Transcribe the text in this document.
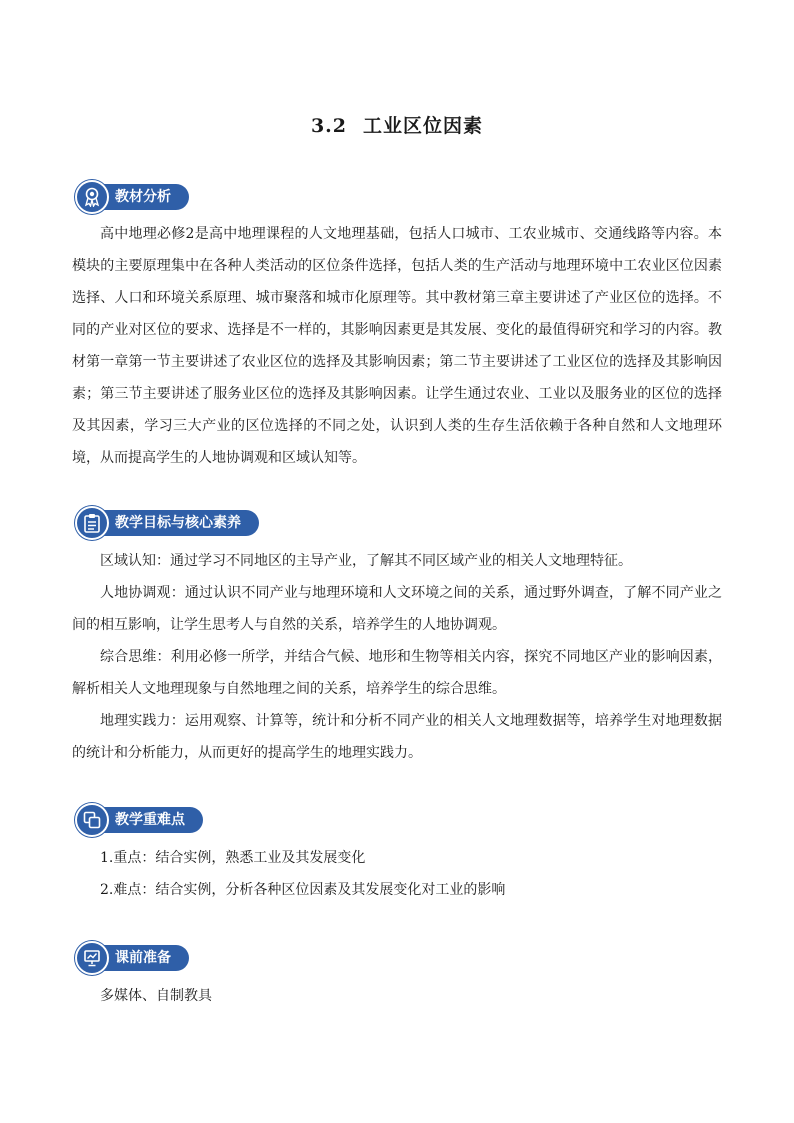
3.2 工业区位因素
教材分析

高中地理必修2是高中地理课程的人文地理基础，包括人口城市、工农业城市、交通线路等内容。本模块的主要原理集中在各种人类活动的区位条件选择，包括人类的生产活动与地理环境中工农业区位因素选择、人口和环境关系原理、城市聚落和城市化原理等。其中教材第三章主要讲述了产业区位的选择。不同的产业对区位的要求、选择是不一样的，其影响因素更是其发展、变化的最值得研究和学习的内容。教材第一章第一节主要讲述了农业区位的选择及其影响因素；第二节主要讲述了工业区位的选择及其影响因素；第三节主要讲述了服务业区位的选择及其影响因素。让学生通过农业、工业以及服务业的区位的选择及其因素，学习三大产业的区位选择的不同之处，认识到人类的生存生活依赖于各种自然和人文地理环境，从而提高学生的人地协调观和区域认知等。

教学目标与核心素养

区域认知：通过学习不同地区的主导产业，了解其不同区域产业的相关人文地理特征。

人地协调观：通过认识不同产业与地理环境和人文环境之间的关系，通过野外调查，了解不同产业之间的相互影响，让学生思考人与自然的关系，培养学生的人地协调观。

综合思维：利用必修一所学，并结合气候、地形和生物等相关内容，探究不同地区产业的影响因素，解析相关人文地理现象与自然地理之间的关系，培养学生的综合思维。

地理实践力：运用观察、计算等，统计和分析不同产业的相关人文地理数据等，培养学生对地理数据的统计和分析能力，从而更好的提高学生的地理实践力。

教学重难点

1.重点：结合实例，熟悉工业及其发展变化

2.难点：结合实例，分析各种区位因素及其发展变化对工业的影响

课前准备

多媒体、自制教具
